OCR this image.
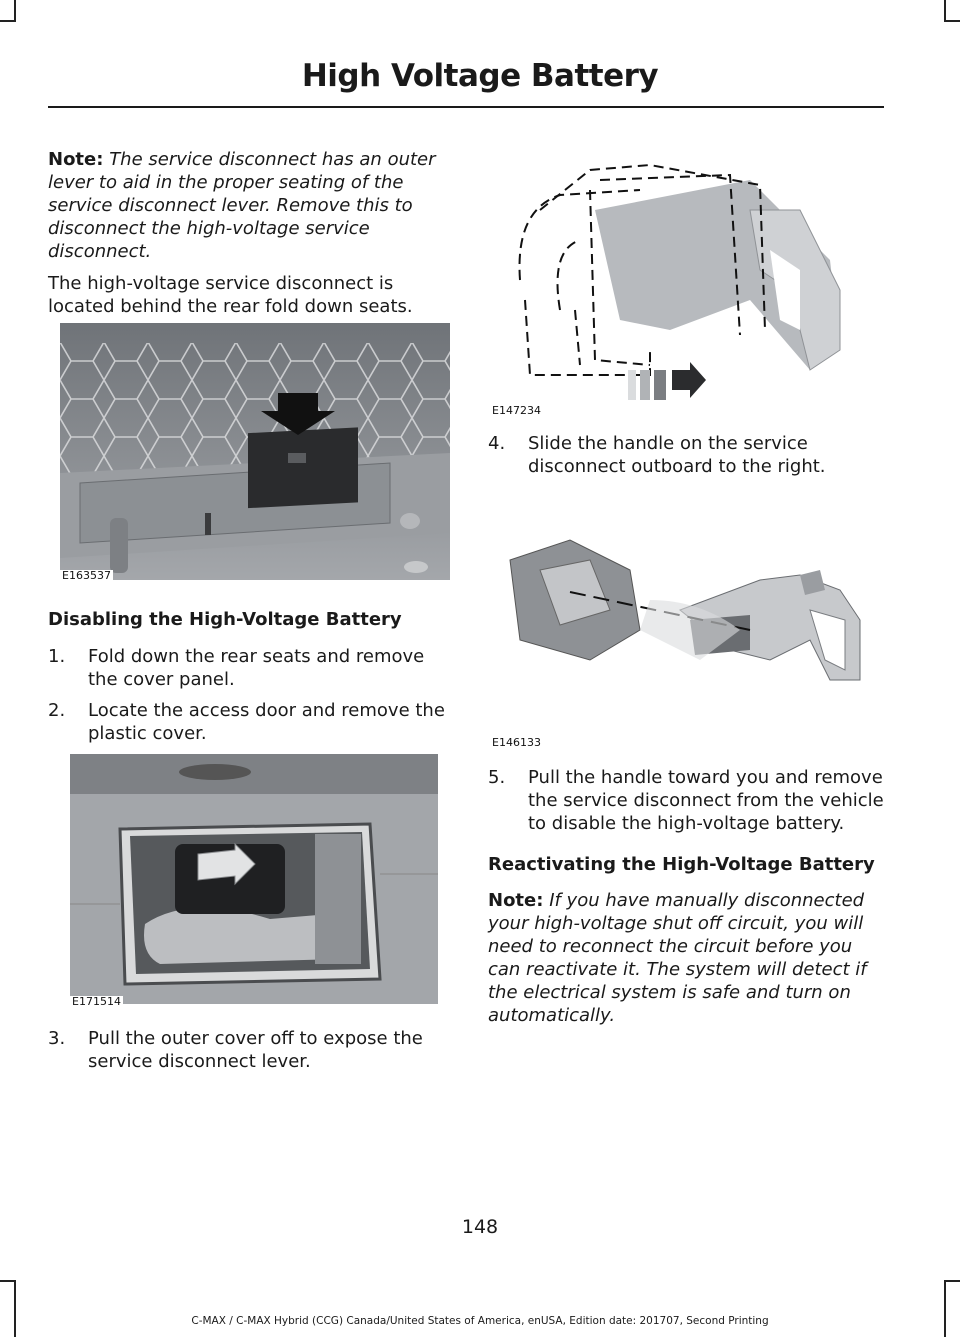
High Voltage Battery

Note: The service disconnect has an outer lever to aid in the proper seating of the service disconnect lever. Remove this to disconnect the high-voltage service disconnect.

The high-voltage service disconnect is located behind the rear fold down seats.

E163537
Disabling the High-Voltage Battery
1. Fold down the rear seats and remove the cover panel.
2. Locate the access door and remove the plastic cover.
E171514
3. Pull the outer cover off to expose the service disconnect lever.
E147234
4. Slide the handle on the service disconnect outboard to the right.
E146133
5. Pull the handle toward you and remove the service disconnect from the vehicle to disable the high-voltage battery.
Reactivating the High-Voltage Battery

Note: If you have manually disconnected your high-voltage shut off circuit, you will need to reconnect the circuit before you can reactivate it. The system will detect if the electrical system is safe and turn on automatically.

148
C-MAX / C-MAX Hybrid (CCG) Canada/United States of America, enUSA, Edition date: 201707, Second Printing
